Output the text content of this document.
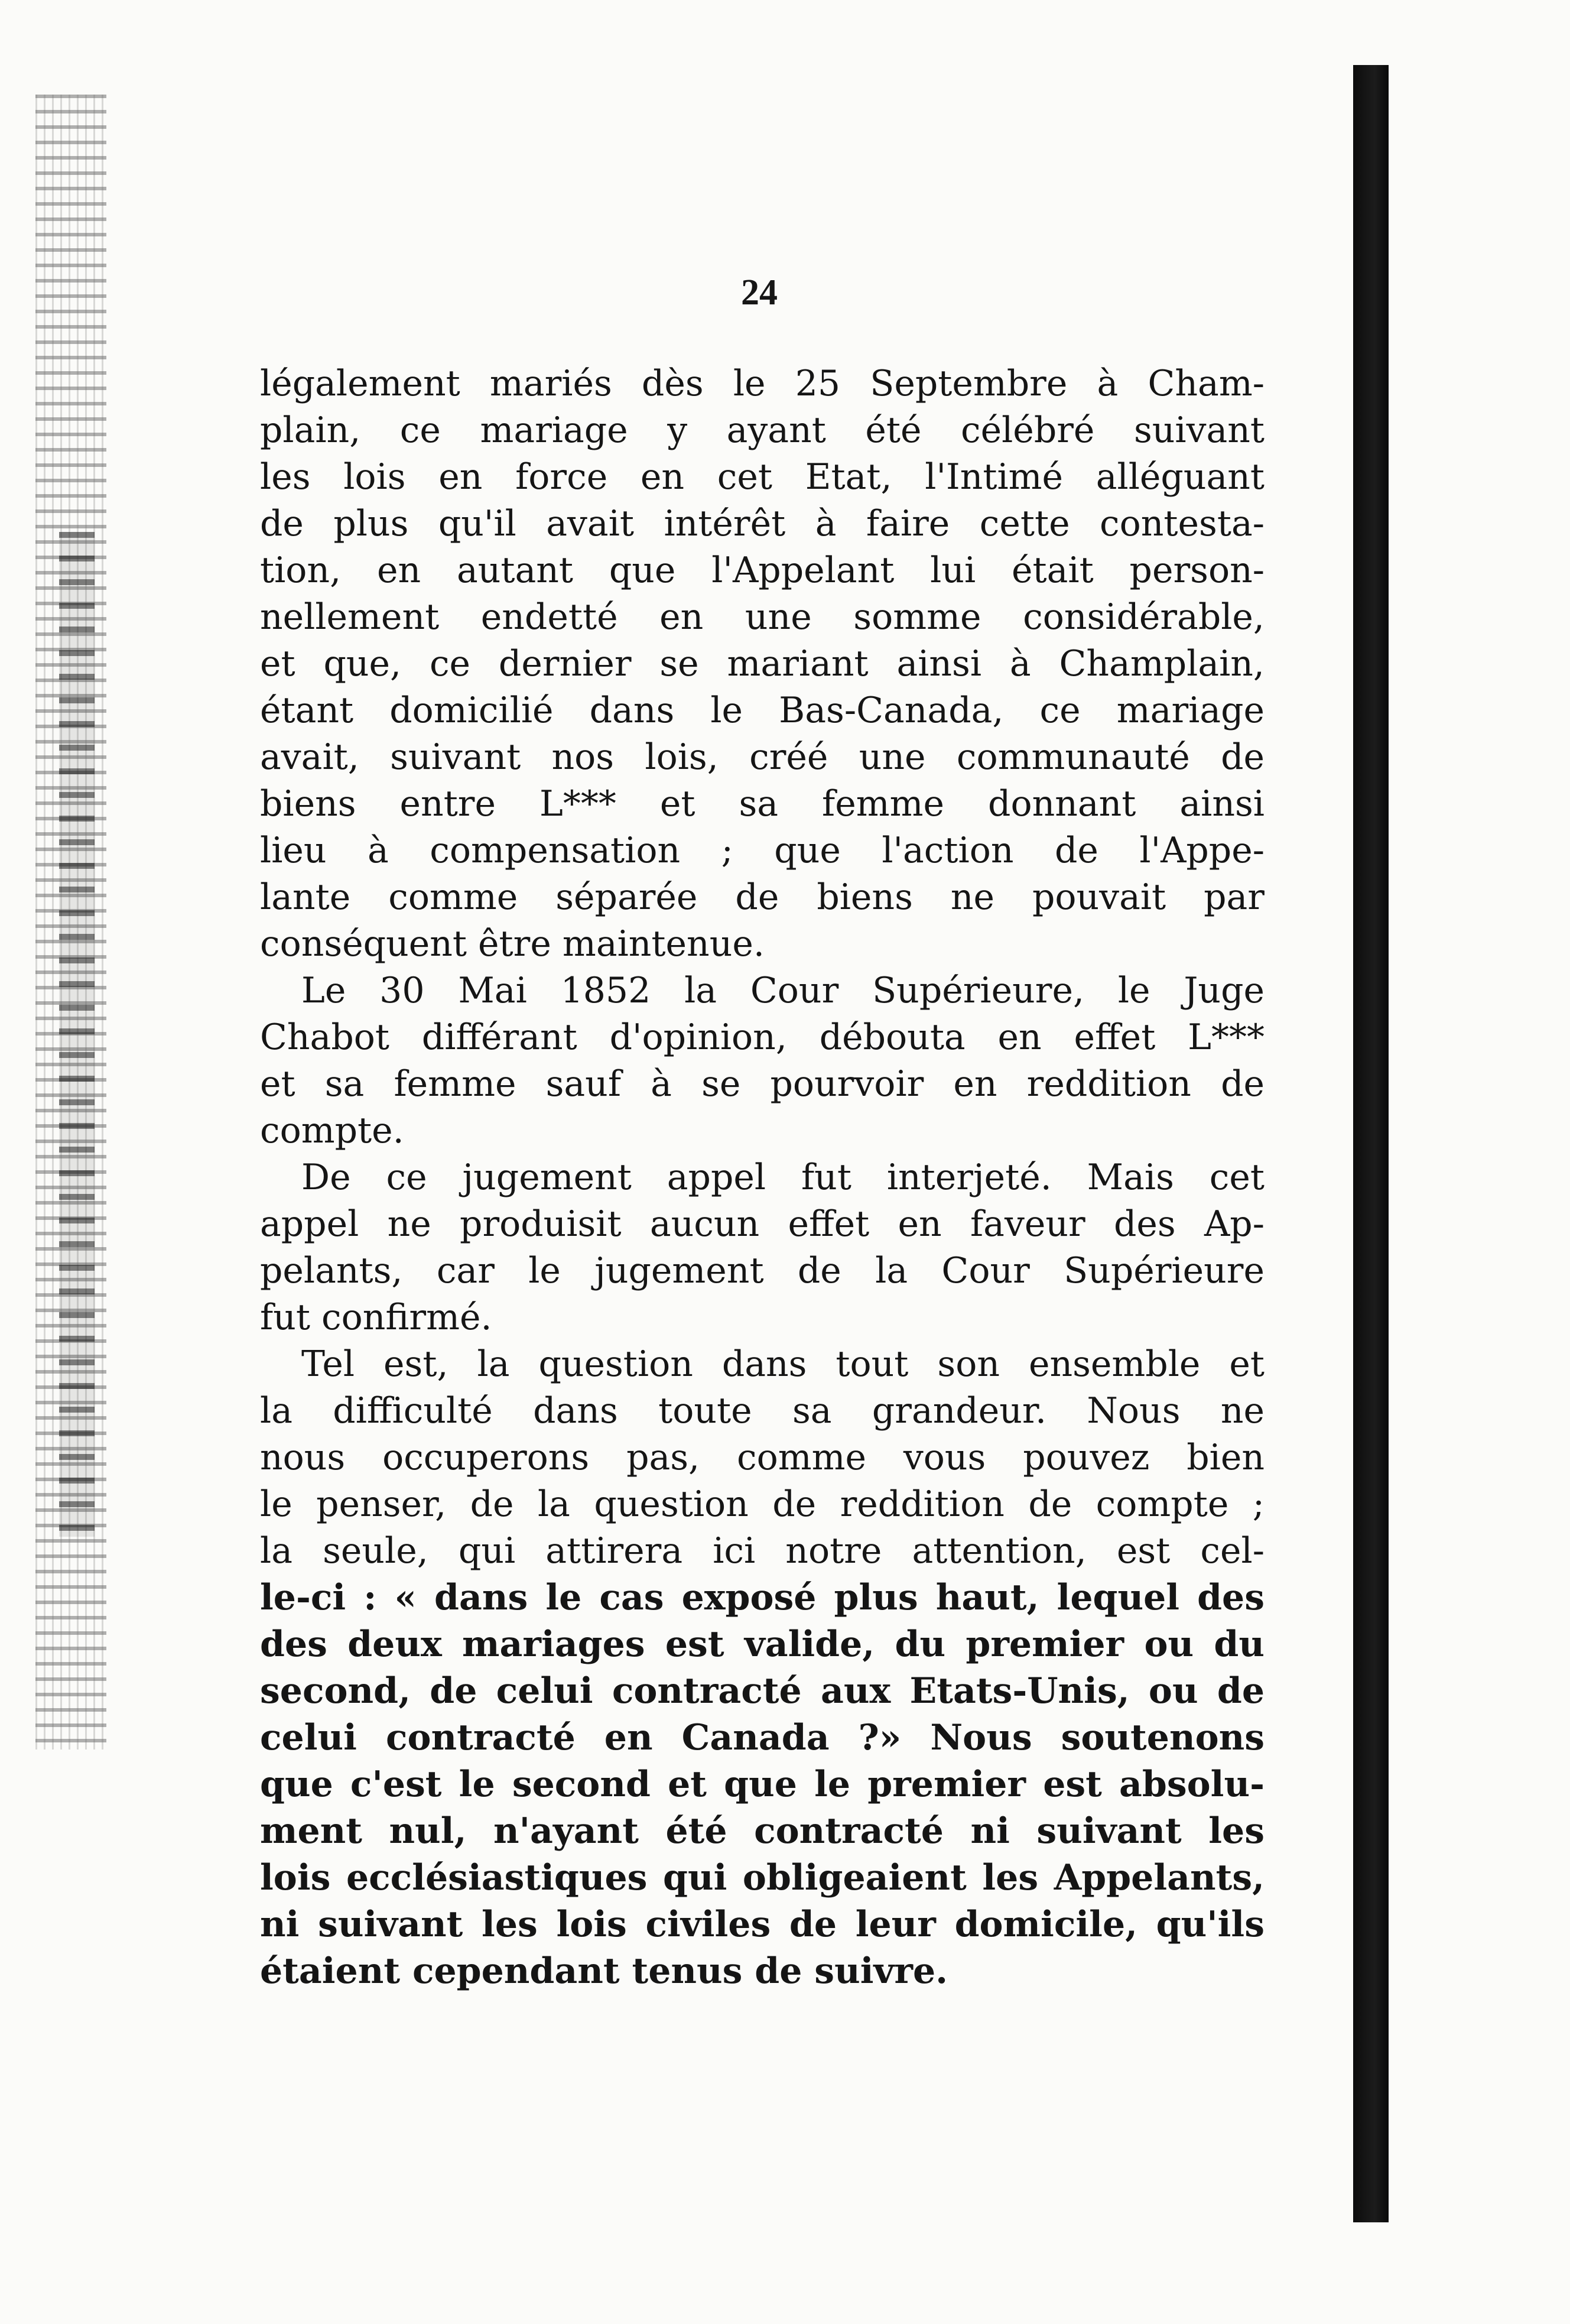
24
légalement mariés dès le 25 Septembre à Cham-
plain, ce mariage y ayant été célébré suivant
les lois en force en cet Etat, l'Intimé alléguant
de plus qu'il avait intérêt à faire cette contesta-
tion, en autant que l'Appelant lui était person-
nellement endetté en une somme considérable,
et que, ce dernier se mariant ainsi à Champlain,
étant domicilié dans le Bas-Canada, ce mariage
avait, suivant nos lois, créé une communauté de
biens entre L*** et sa femme donnant ainsi
lieu à compensation ; que l'action de l'Appe-
lante comme séparée de biens ne pouvait par
conséquent être maintenue.
Le 30 Mai 1852 la Cour Supérieure, le Juge
Chabot différant d'opinion, débouta en effet L***
et sa femme sauf à se pourvoir en reddition de
compte.
De ce jugement appel fut interjeté. Mais cet
appel ne produisit aucun effet en faveur des Ap-
pelants, car le jugement de la Cour Supérieure
fut confirmé.
Tel est, la question dans tout son ensemble et
la difficulté dans toute sa grandeur. Nous ne
nous occuperons pas, comme vous pouvez bien
le penser, de la question de reddition de compte ;
la seule, qui attirera ici notre attention, est cel-
le-ci : « dans le cas exposé plus haut, lequel des
des deux mariages est valide, du premier ou du
second, de celui contracté aux Etats-Unis, ou de
celui contracté en Canada ?» Nous soutenons
que c'est le second et que le premier est absolu-
ment nul, n'ayant été contracté ni suivant les
lois ecclésiastiques qui obligeaient les Appelants,
ni suivant les lois civiles de leur domicile, qu'ils
étaient cependant tenus de suivre.
